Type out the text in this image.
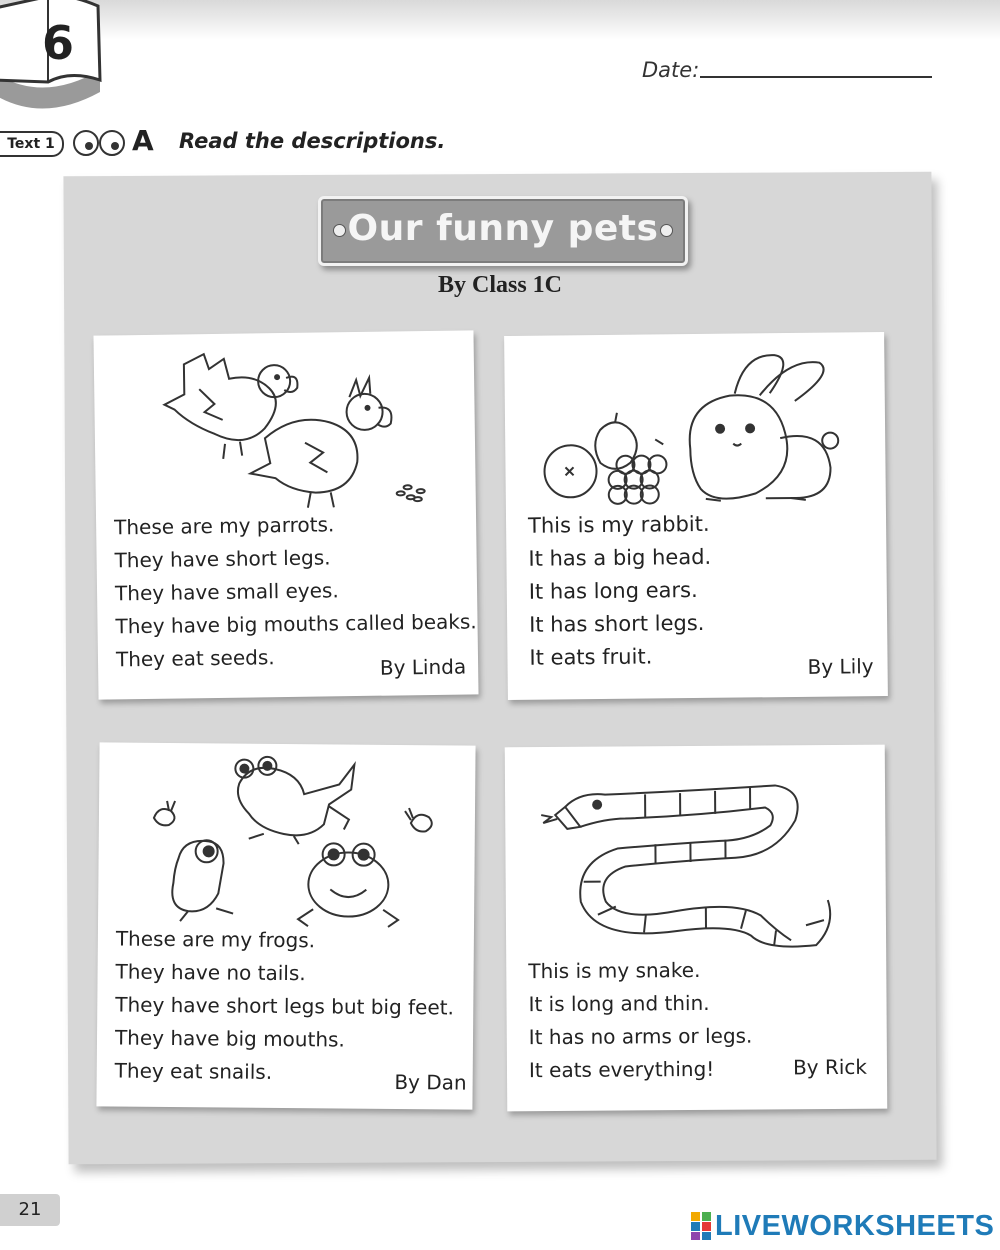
6	Date:
Text 1	A Read the descriptions.
Our funny pets
By Class 1C
These are my parrots.
They have short legs.
They have small eyes.
They have big mouths called beaks.
They eat seeds.	By Linda
This is my rabbit.
It has a big head.
It has long ears.
It has short legs.
It eats fruit.	By Lily
These are my frogs.
They have no tails.
They have short legs but big feet.
They have big mouths.
They eat snails.	By Dan
This is my snake.
It is long and thin.
It has no arms or legs.
It eats everything!	By Rick
21
LIVEWORKSHEETS
